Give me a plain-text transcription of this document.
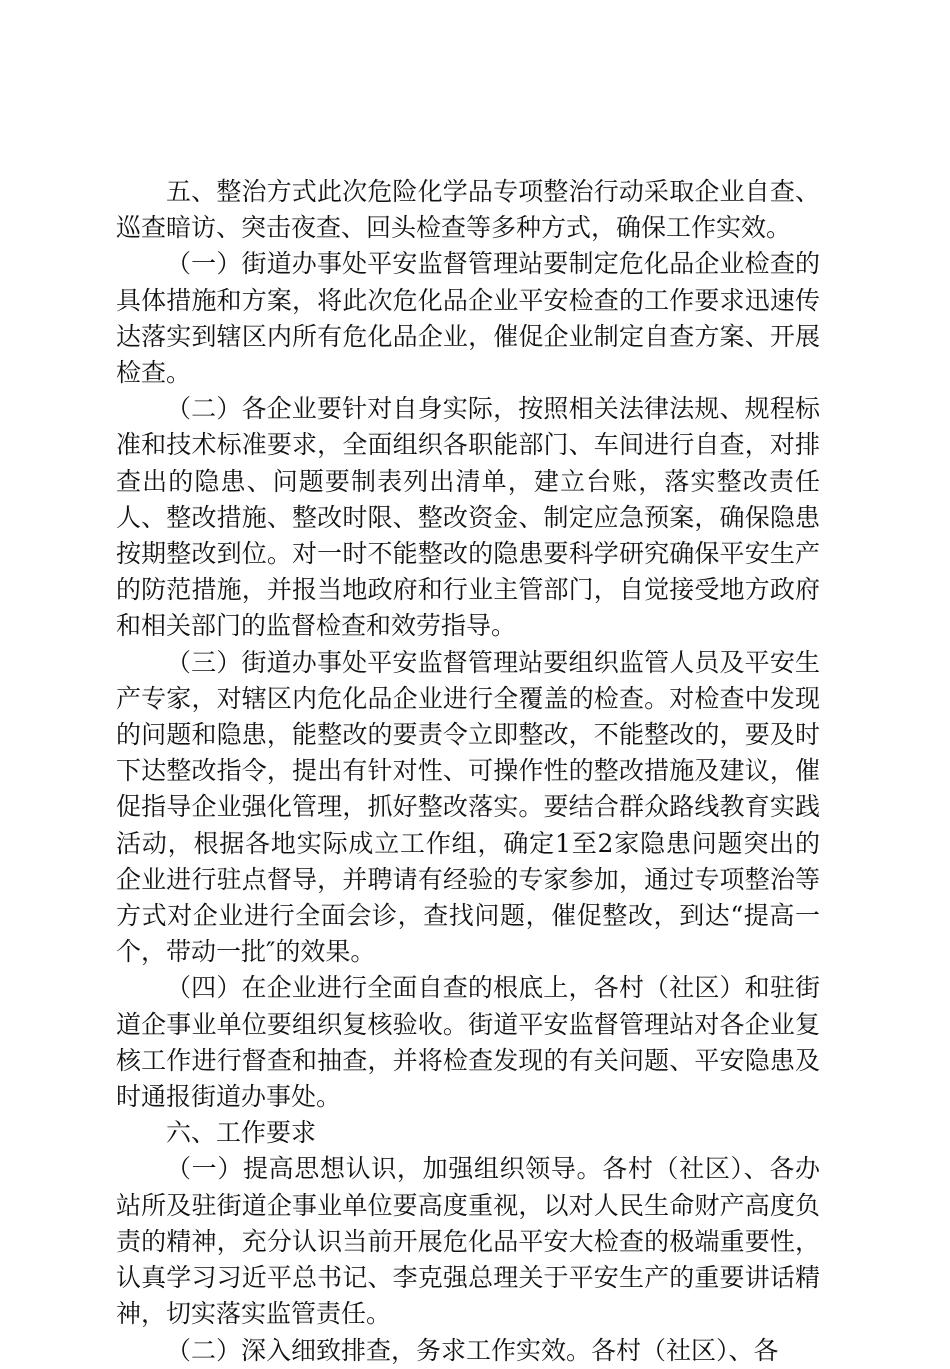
五、整治方式此次危险化学品专项整治行动采取企业自查、巡查暗访、突击夜查、回头检查等多种方式，确保工作实效。

（一）街道办事处平安监督管理站要制定危化品企业检查的具体措施和方案，将此次危化品企业平安检查的工作要求迅速传达落实到辖区内所有危化品企业，催促企业制定自查方案、开展检查。

（二）各企业要针对自身实际，按照相关法律法规、规程标准和技术标准要求，全面组织各职能部门、车间进行自查，对排查出的隐患、问题要制表列出清单，建立台账，落实整改责任人、整改措施、整改时限、整改资金、制定应急预案，确保隐患按期整改到位。对一时不能整改的隐患要科学研究确保平安生产的防范措施，并报当地政府和行业主管部门，自觉接受地方政府和相关部门的监督检查和效劳指导。

（三）街道办事处平安监督管理站要组织监管人员及平安生产专家，对辖区内危化品企业进行全覆盖的检查。对检查中发现的问题和隐患，能整改的要责令立即整改，不能整改的，要及时下达整改指令，提出有针对性、可操作性的整改措施及建议，催促指导企业强化管理，抓好整改落实。要结合群众路线教育实践活动，根据各地实际成立工作组，确定1至2家隐患问题突出的企业进行驻点督导，并聘请有经验的专家参加，通过专项整治等方式对企业进行全面会诊，查找问题，催促整改，到达“提高一个，带动一批″的效果。

（四）在企业进行全面自查的根底上，各村（社区）和驻街道企事业单位要组织复核验收。街道平安监督管理站对各企业复核工作进行督查和抽查，并将检查发现的有关问题、平安隐患及时通报街道办事处。

六、工作要求

（一）提高思想认识，加强组织领导。各村（社区）、各办站所及驻街道企事业单位要高度重视，以对人民生命财产高度负责的精神，充分认识当前开展危化品平安大检查的极端重要性，认真学习习近平总书记、李克强总理关于平安生产的重要讲话精神，切实落实监管责任。

（二）深入细致排查，务求工作实效。各村（社区）、各
